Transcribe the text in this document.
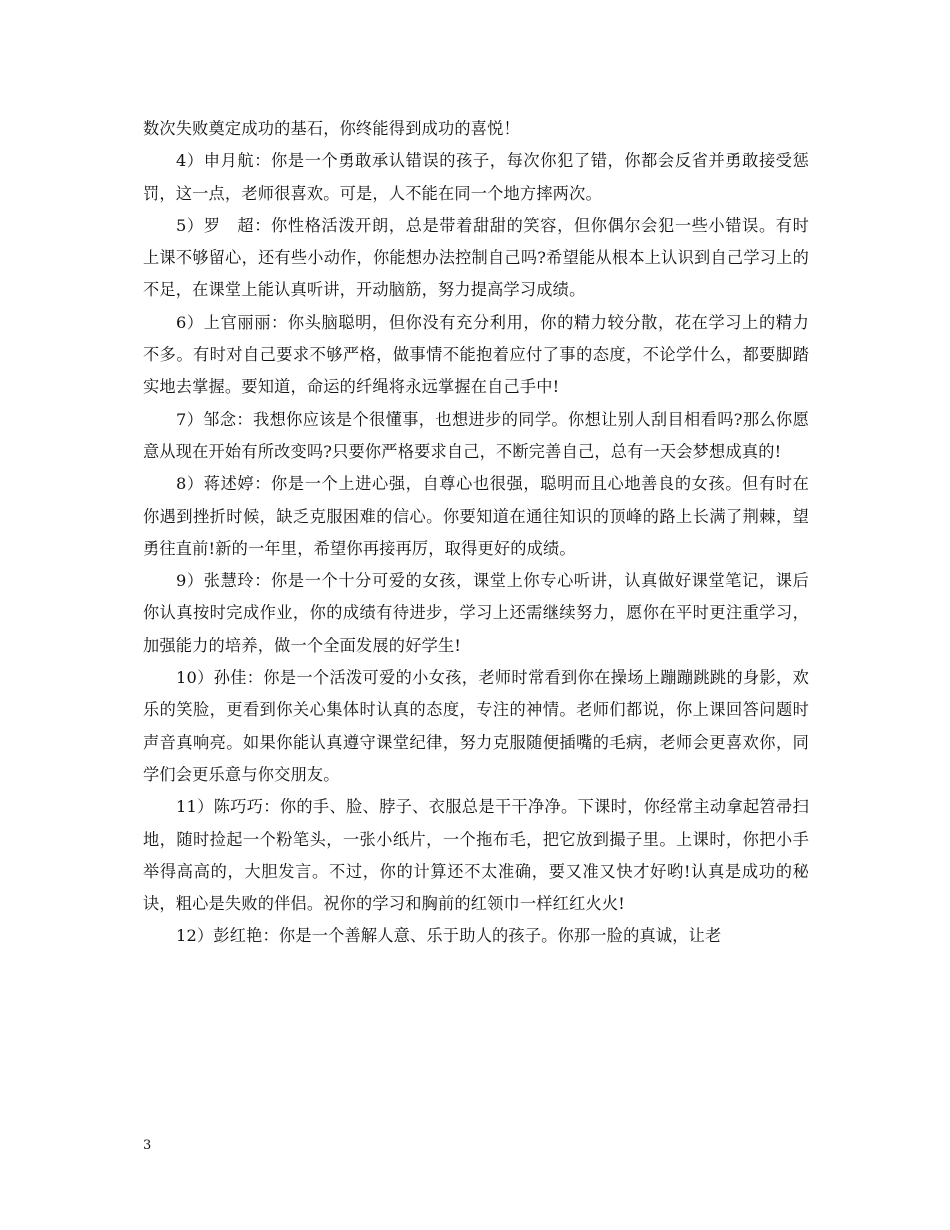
数次失败奠定成功的基石，你终能得到成功的喜悦！

4）申月航：你是一个勇敢承认错误的孩子，每次你犯了错，你都会反省并勇敢接受惩罚，这一点，老师很喜欢。可是，人不能在同一个地方摔两次。

5）罗　超：你性格活泼开朗，总是带着甜甜的笑容，但你偶尔会犯一些小错误。有时上课不够留心，还有些小动作，你能想办法控制自己吗?希望能从根本上认识到自己学习上的不足，在课堂上能认真听讲，开动脑筋，努力提高学习成绩。

6）上官丽丽：你头脑聪明，但你没有充分利用，你的精力较分散，花在学习上的精力不多。有时对自己要求不够严格，做事情不能抱着应付了事的态度，不论学什么，都要脚踏实地去掌握。要知道，命运的纤绳将永远掌握在自己手中!

7）邹念：我想你应该是个很懂事，也想进步的同学。你想让别人刮目相看吗?那么你愿意从现在开始有所改变吗?只要你严格要求自己，不断完善自己，总有一天会梦想成真的!

8）蒋述婷：你是一个上进心强，自尊心也很强，聪明而且心地善良的女孩。但有时在你遇到挫折时候，缺乏克服困难的信心。你要知道在通往知识的顶峰的路上长满了荆棘，望勇往直前!新的一年里，希望你再接再厉，取得更好的成绩。

9）张慧玲：你是一个十分可爱的女孩，课堂上你专心听讲，认真做好课堂笔记，课后你认真按时完成作业，你的成绩有待进步，学习上还需继续努力，愿你在平时更注重学习，加强能力的培养，做一个全面发展的好学生!

10）孙佳：你是一个活泼可爱的小女孩，老师时常看到你在操场上蹦蹦跳跳的身影，欢乐的笑脸，更看到你关心集体时认真的态度，专注的神情。老师们都说，你上课回答问题时声音真响亮。如果你能认真遵守课堂纪律，努力克服随便插嘴的毛病，老师会更喜欢你，同学们会更乐意与你交朋友。

11）陈巧巧：你的手、脸、脖子、衣服总是干干净净。下课时，你经常主动拿起笤帚扫地，随时捡起一个粉笔头，一张小纸片，一个拖布毛，把它放到撮子里。上课时，你把小手举得高高的，大胆发言。不过，你的计算还不太准确，要又准又快才好哟!认真是成功的秘诀，粗心是失败的伴侣。祝你的学习和胸前的红领巾一样红红火火!

12）彭红艳：你是一个善解人意、乐于助人的孩子。你那一脸的真诚，让老

3
